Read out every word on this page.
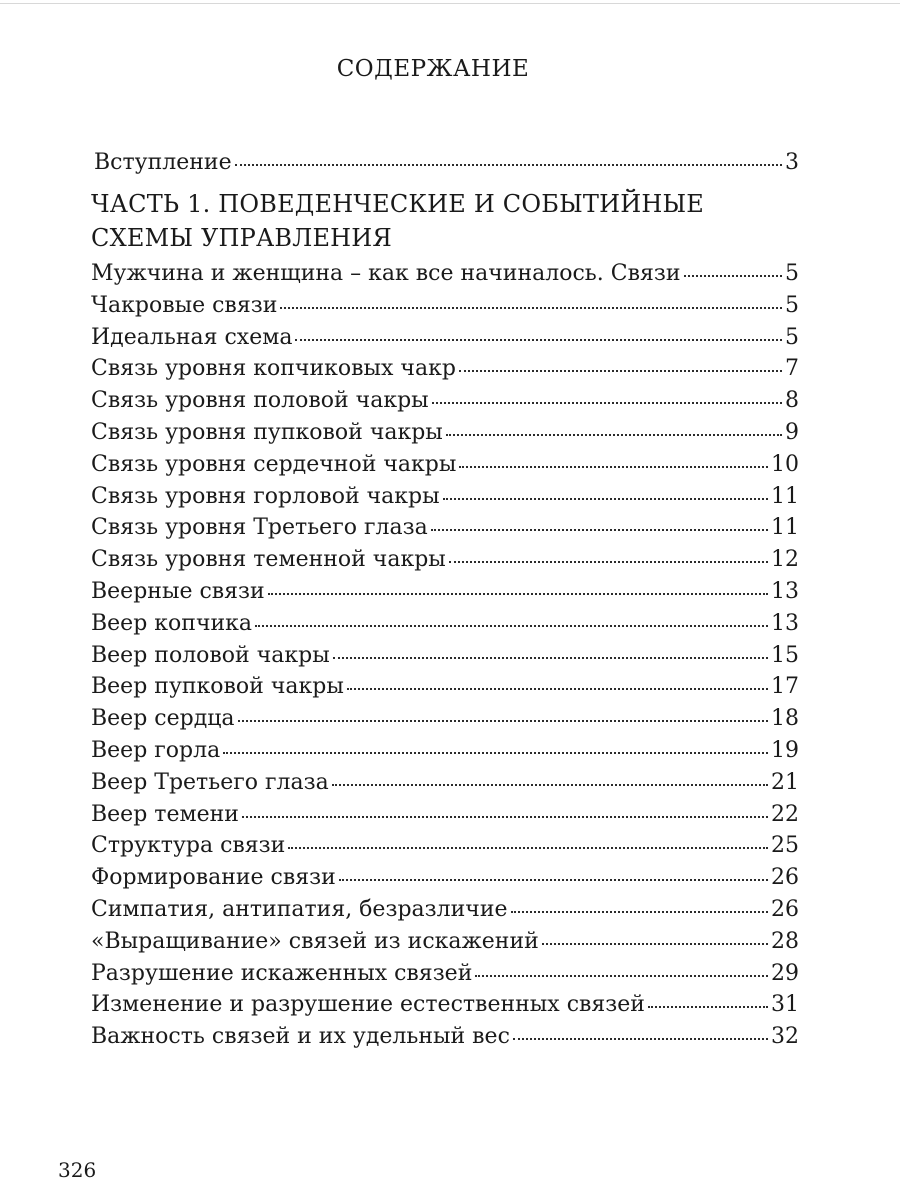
СОДЕРЖАНИЕ
Вступление	3
ЧАСТЬ 1. ПОВЕДЕНЧЕСКИЕ И СОБЫТИЙНЫЕ СХЕМЫ УПРАВЛЕНИЯ
Мужчина и женщина – как все начиналось. Связи	5
Чакровые связи	5
Идеальная схема	5
Связь уровня копчиковых чакр	7
Связь уровня половой чакры	8
Связь уровня пупковой чакры	9
Связь уровня сердечной чакры	10
Связь уровня горловой чакры	11
Связь уровня Третьего глаза	11
Связь уровня теменной чакры	12
Веерные связи	13
Веер копчика	13
Веер половой чакры	15
Веер пупковой чакры	17
Веер сердца	18
Веер горла	19
Веер Третьего глаза	21
Веер темени	22
Структура связи	25
Формирование связи	26
Симпатия, антипатия, безразличие	26
«Выращивание» связей из искажений	28
Разрушение искаженных связей	29
Изменение и разрушение естественных связей	31
Важность связей и их удельный вес	32
326
